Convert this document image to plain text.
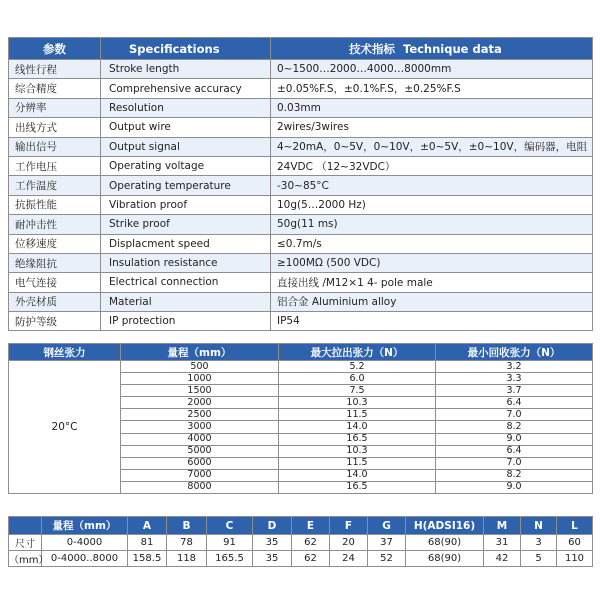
参数	Specifications	技术指标 Technique data
线性行程	Stroke length	0~1500…2000…4000…8000mm
综合精度	Comprehensive accuracy	±0.05%F.S，±0.1%F.S，±0.25%F.S
分辨率	Resolution	0.03mm
出线方式	Output wire	2wires/3wires
输出信号	Output signal	4~20mA，0~5V，0~10V，±0~5V，±0~10V，编码器，电阻
工作电压	Operating voltage	24VDC （12~32VDC）
工作温度	Operating temperature	-30~85°C
抗振性能	Vibration proof	10g(5…2000 Hz)
耐冲击性	Strike proof	50g(11 ms)
位移速度	Displacment speed	≤0.7m/s
绝缘阻抗	Insulation resistance	≥100MΩ (500 VDC)
电气连接	Electrical connection	直接出线 /M12×1 4- pole male
外壳材质	Material	铝合金 Aluminium alloy
防护等级	IP protection	IP54
钢丝张力	量程（mm）	最大拉出张力（N）	最小回收张力（N）
20°C	500	5.2	3.2
	1000	6.0	3.3
	1500	7.5	3.7
	2000	10.3	6.4
	2500	11.5	7.0
	3000	14.0	8.2
	4000	16.5	9.0
	5000	10.3	6.4
	6000	11.5	7.0
	7000	14.0	8.2
	8000	16.5	9.0
	量程（mm）	A	B	C	D	E	F	G	H(ADSI16)	M	N	L
尺寸	0-4000	81	78	91	35	62	20	37	68(90)	31	3	60
（mm）	0-4000..8000	158.5	118	165.5	35	62	24	52	68(90)	42	5	110
